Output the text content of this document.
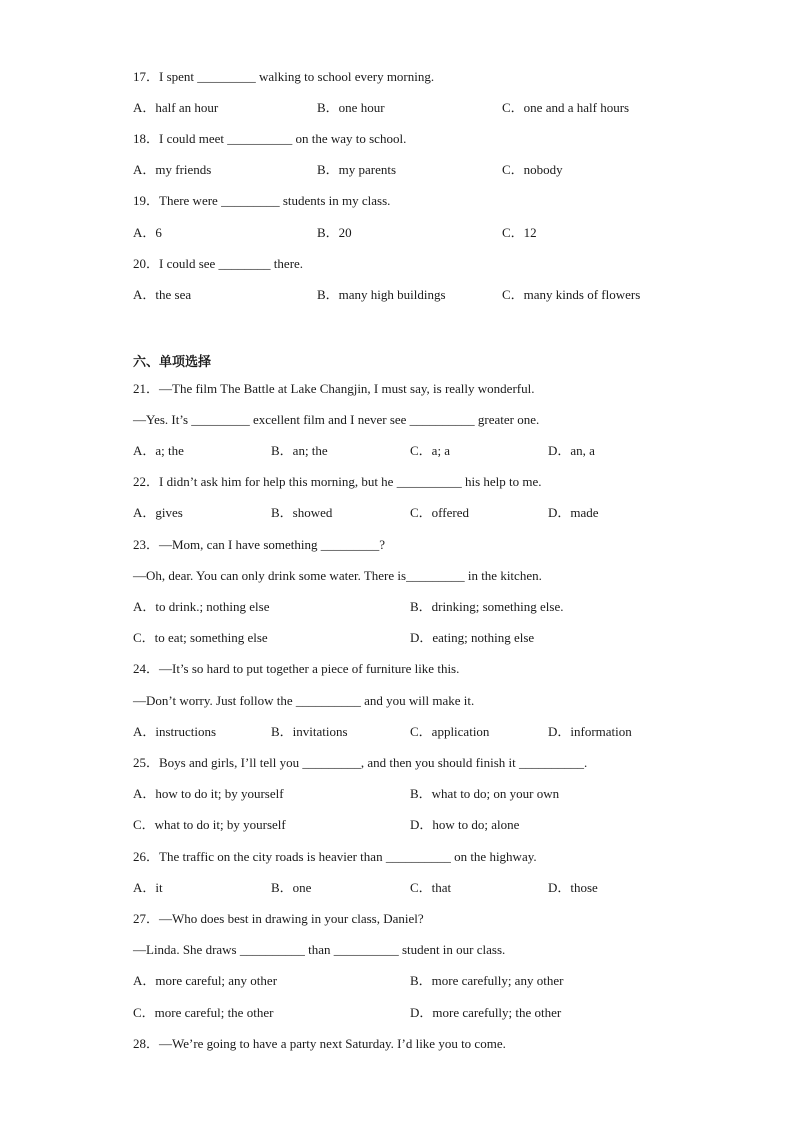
17．I spent _________ walking to school every morning.
A．half an hour	B．one hour	C．one and a half hours
18．I could meet __________ on the way to school.
A．my friends	B．my parents	C．nobody
19．There were _________ students in my class.
A．6	B．20	C．12
20．I could see ________ there.
A．the sea	B．many high buildings	C．many kinds of flowers
六、单项选择
21．—The film The Battle at Lake Changjin, I must say, is really wonderful.
—Yes. It’s _________ excellent film and I never see __________ greater one.
A．a; the	B．an; the	C．a; a	D．an, a
22．I didn’t ask him for help this morning, but he __________ his help to me.
A．gives	B．showed	C．offered	D．made
23．—Mom, can I have something _________?
—Oh, dear. You can only drink some water. There is_________ in the kitchen.
A．to drink.; nothing else	B．drinking; something else.
C．to eat; something else	D．eating; nothing else
24．—It’s so hard to put together a piece of furniture like this.
—Don’t worry. Just follow the __________ and you will make it.
A．instructions	B．invitations	C．application	D．information
25．Boys and girls, I’ll tell you _________, and then you should finish it __________.
A．how to do it; by yourself	B．what to do; on your own
C．what to do it; by yourself	D．how to do; alone
26．The traffic on the city roads is heavier than __________ on the highway.
A．it	B．one	C．that	D．those
27．—Who does best in drawing in your class, Daniel?
—Linda. She draws __________ than __________ student in our class.
A．more careful; any other	B．more carefully; any other
C．more careful; the other	D．more carefully; the other
28．—We’re going to have a party next Saturday. I’d like you to come.
